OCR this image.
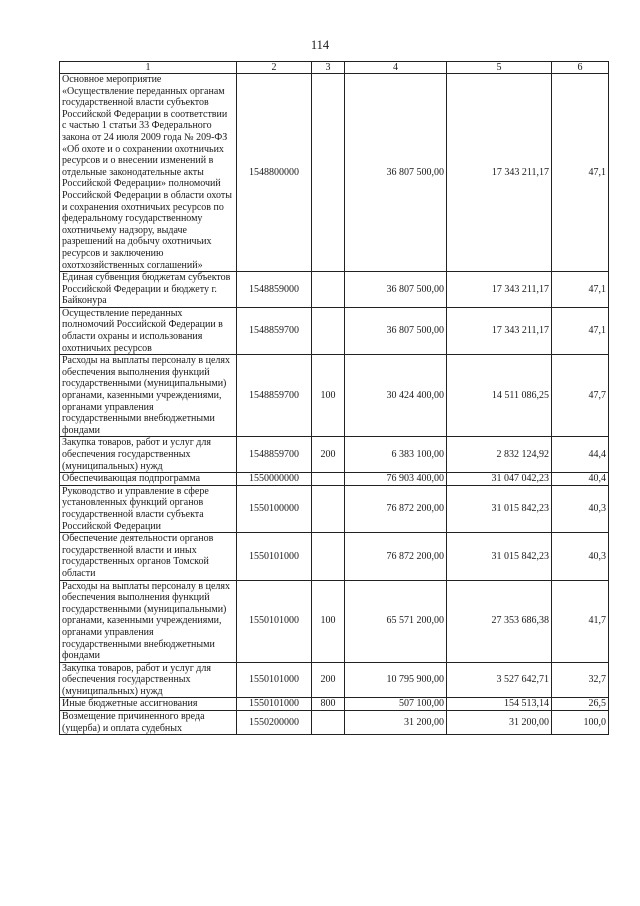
114
1	2	3	4	5	6
Основное мероприятие «Осуществление переданных органам государственной власти субъектов Российской Федерации в соответствии с частью 1 статьи 33 Федерального закона от 24 июля 2009 года № 209-ФЗ «Об охоте и о сохранении охотничьих ресурсов и о внесении изменений в отдельные законодательные акты Российской Федерации» полномочий Российской Федерации в области охоты и сохранения охотничьих ресурсов по федеральному государственному охотничьему надзору, выдаче разрешений на добычу охотничьих ресурсов и заключению охотхозяйственных соглашений»	1548800000		36 807 500,00	17 343 211,17	47,1
Единая субвенция бюджетам субъектов Российской Федерации и бюджету г. Байконура	1548859000		36 807 500,00	17 343 211,17	47,1
Осуществление переданных полномочий Российской Федерации в области охраны и использования охотничьих ресурсов	1548859700		36 807 500,00	17 343 211,17	47,1
Расходы на выплаты персоналу в целях обеспечения выполнения функций государственными (муниципальными) органами, казенными учреждениями, органами управления государственными внебюджетными фондами	1548859700	100	30 424 400,00	14 511 086,25	47,7
Закупка товаров, работ и услуг для обеспечения государственных (муниципальных) нужд	1548859700	200	6 383 100,00	2 832 124,92	44,4
Обеспечивающая подпрограмма	1550000000		76 903 400,00	31 047 042,23	40,4
Руководство и управление в сфере установленных функций органов государственной власти субъекта Российской Федерации	1550100000		76 872 200,00	31 015 842,23	40,3
Обеспечение деятельности органов государственной власти и иных государственных органов Томской области	1550101000		76 872 200,00	31 015 842,23	40,3
Расходы на выплаты персоналу в целях обеспечения выполнения функций государственными (муниципальными) органами, казенными учреждениями, органами управления государственными внебюджетными фондами	1550101000	100	65 571 200,00	27 353 686,38	41,7
Закупка товаров, работ и услуг для обеспечения государственных (муниципальных) нужд	1550101000	200	10 795 900,00	3 527 642,71	32,7
Иные бюджетные ассигнования	1550101000	800	507 100,00	154 513,14	26,5
Возмещение причиненного вреда (ущерба) и оплата судебных	1550200000		31 200,00	31 200,00	100,0
